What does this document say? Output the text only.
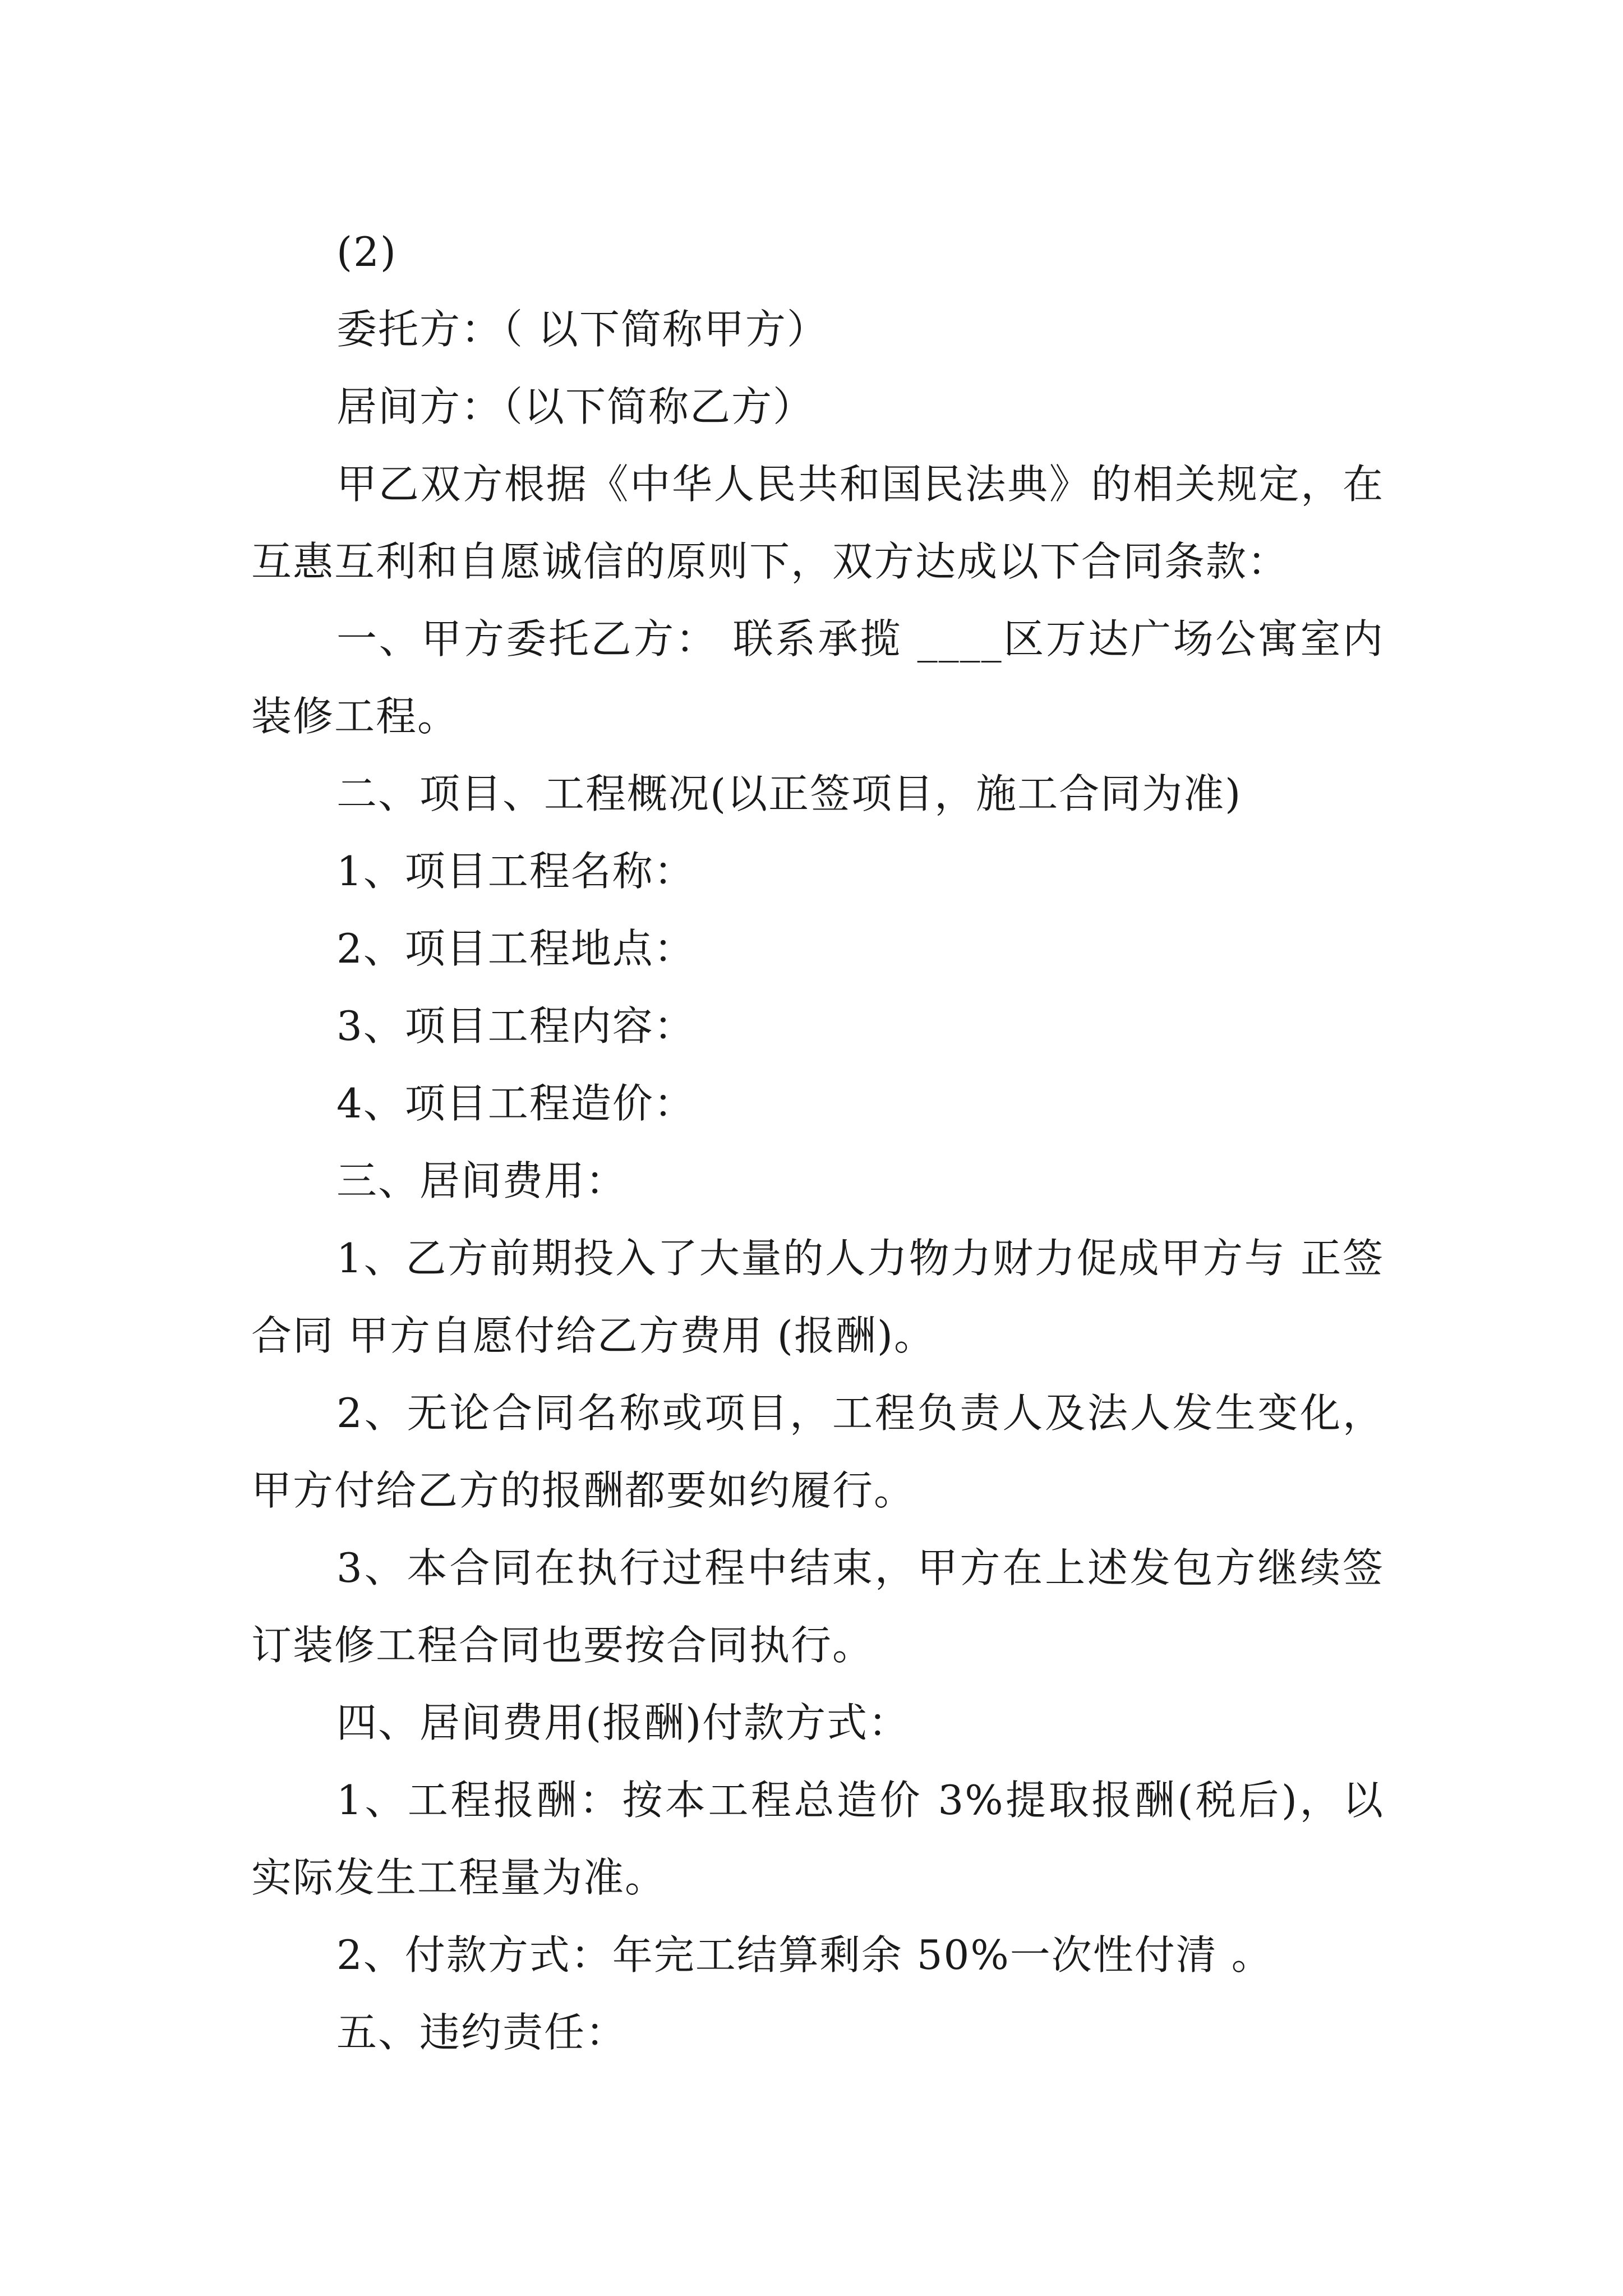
(2)

委托方：（ 以下简称甲方）

居间方：（以下简称乙方）

甲乙双方根据《中华人民共和国民法典》的相关规定，在互惠互利和自愿诚信的原则下，双方达成以下合同条款：

一、甲方委托乙方： 联系承揽 ____区万达广场公寓室内装修工程。

二、项目、工程概况(以正签项目，施工合同为准)

1、项目工程名称：

2、项目工程地点：

3、项目工程内容：

4、项目工程造价：

三、居间费用：

1、乙方前期投入了大量的人力物力财力促成甲方与 正签合同 甲方自愿付给乙方费用 (报酬)。

2、无论合同名称或项目，工程负责人及法人发生变化，甲方付给乙方的报酬都要如约履行。

3、本合同在执行过程中结束，甲方在上述发包方继续签订装修工程合同也要按合同执行。

四、居间费用(报酬)付款方式：

1、工程报酬：按本工程总造价 3%提取报酬(税后)，以实际发生工程量为准。

2、付款方式：年完工结算剩余 50%一次性付清 。

五、违约责任：
